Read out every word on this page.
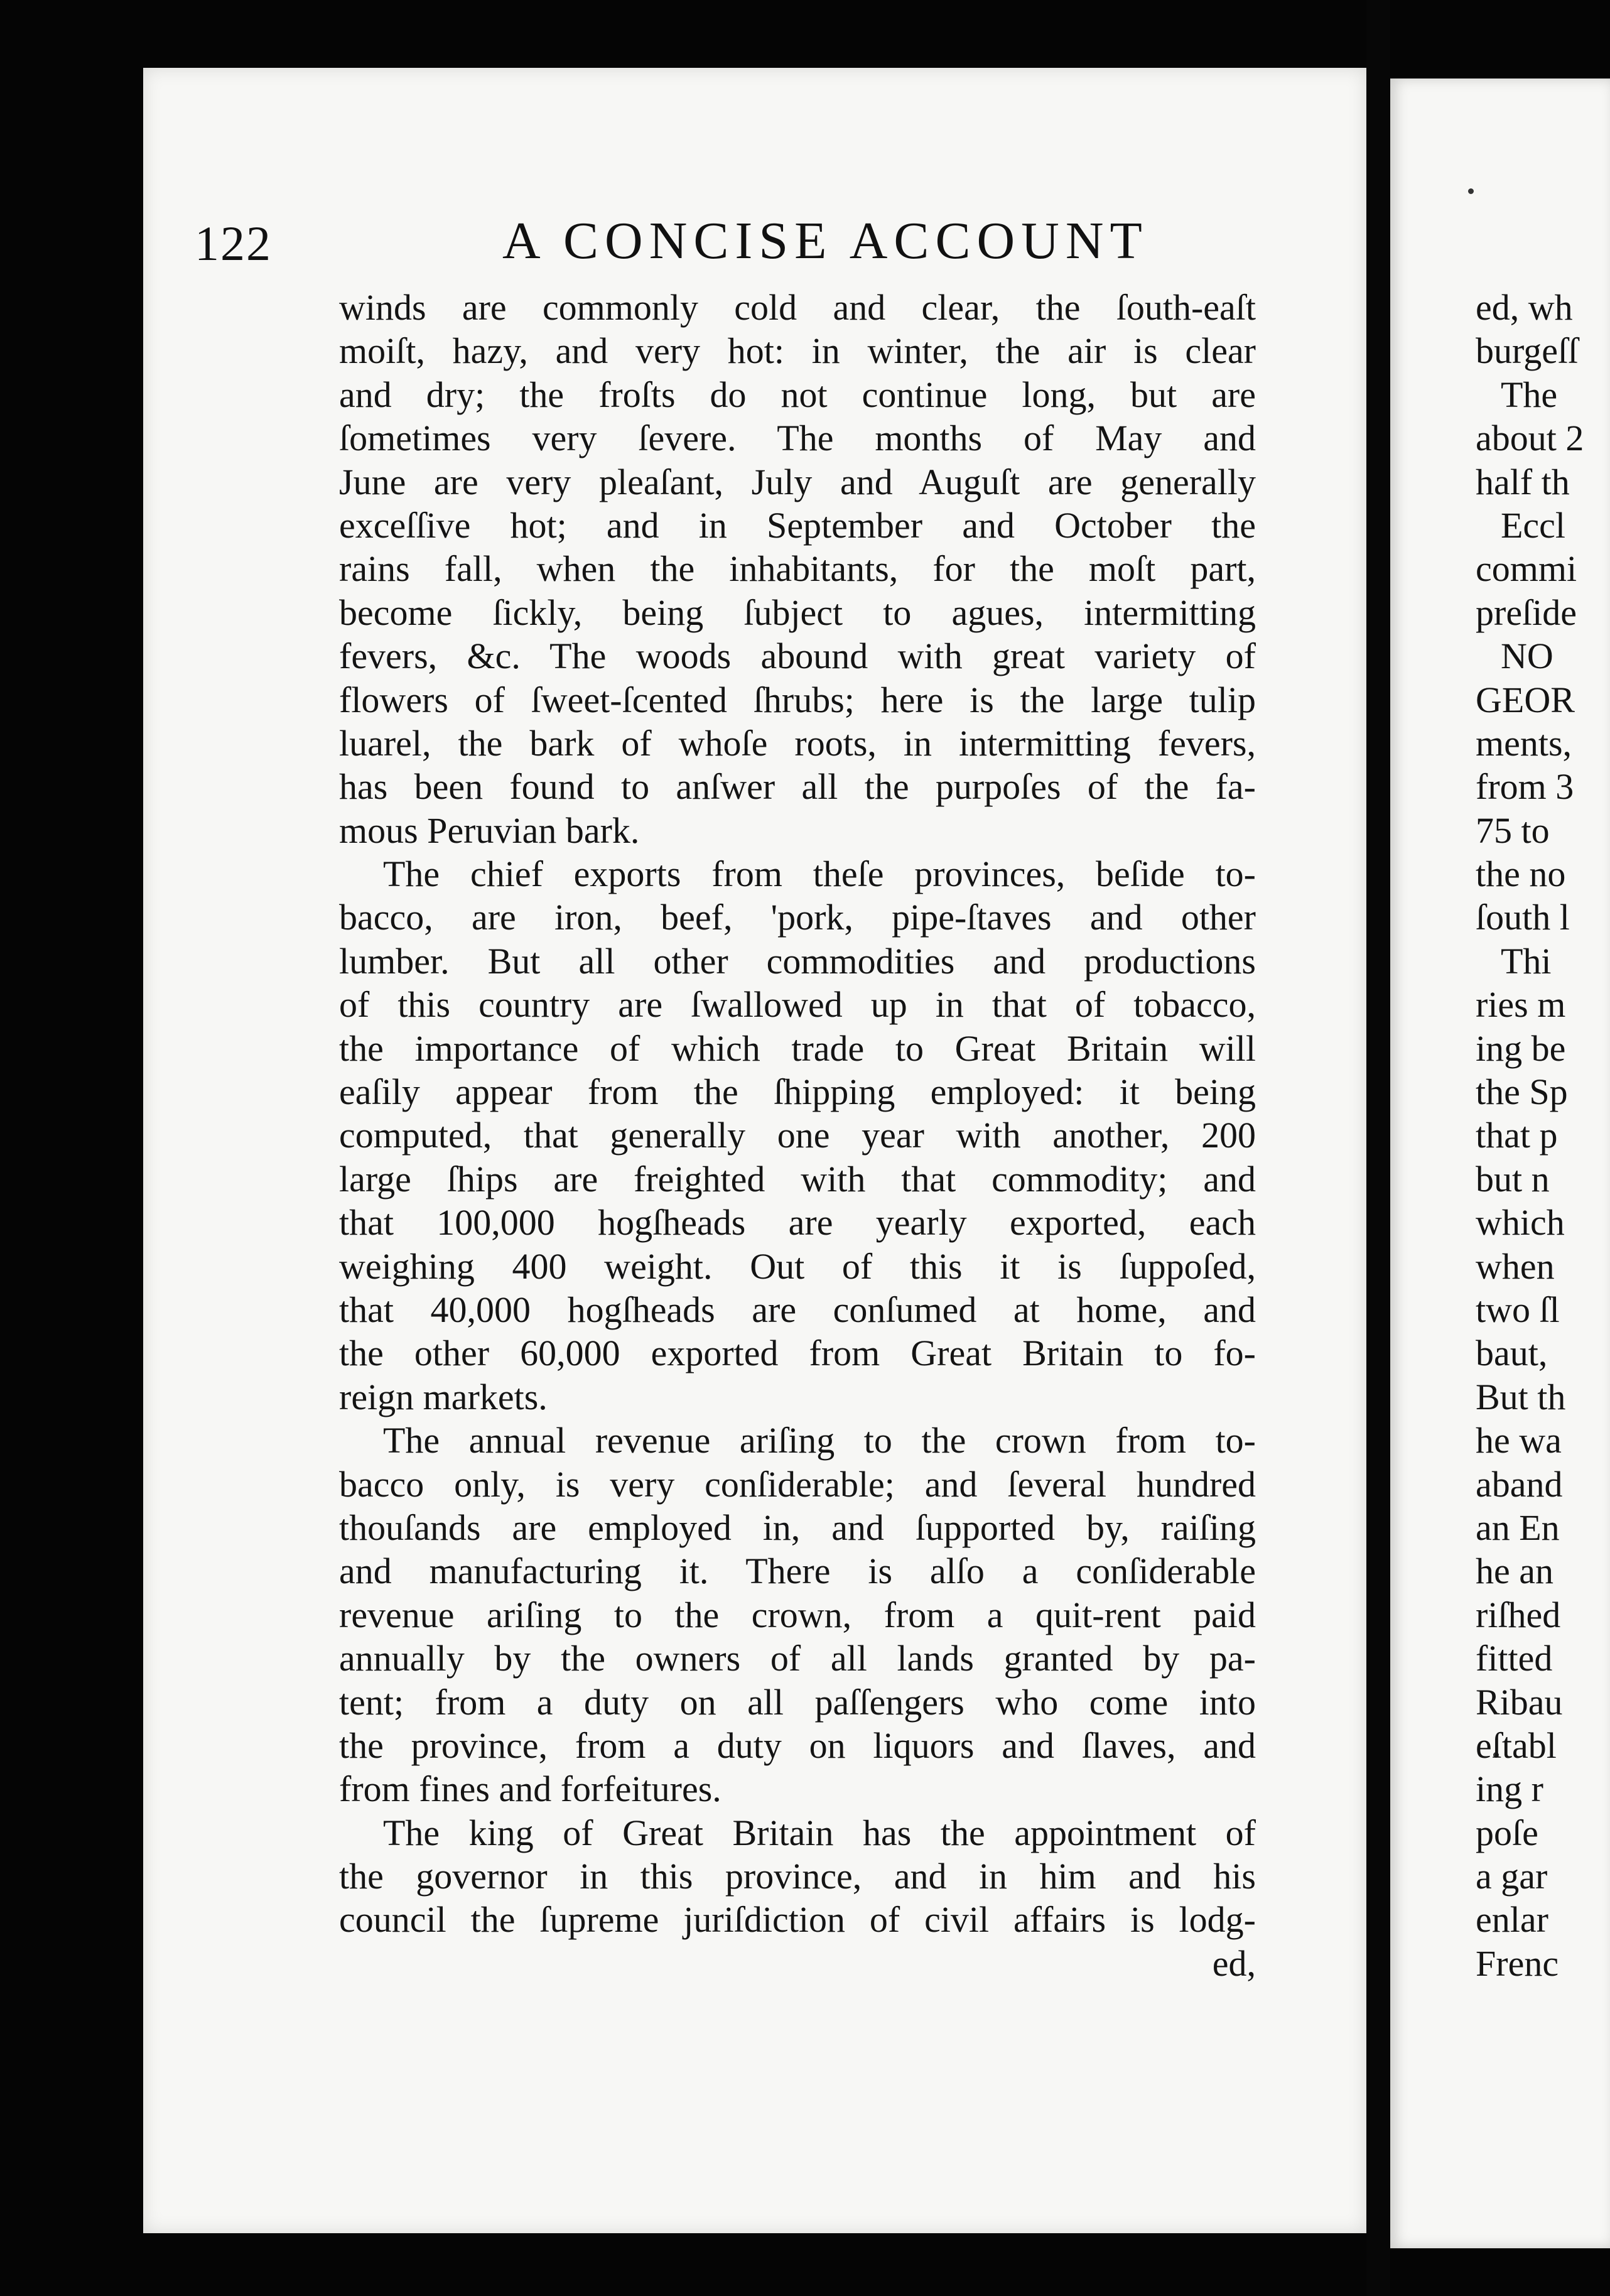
122	A CONCISE ACCOUNT
winds are commonly cold and clear, the ſouth-eaſt
moiſt, hazy, and very hot: in winter, the air is clear
and dry; the froſts do not continue long, but are
ſometimes very ſevere. The months of May and
June are very pleaſant, July and Auguſt are generally
exceſſive hot; and in September and October the
rains fall, when the inhabitants, for the moſt part,
become ſickly, being ſubject to agues, intermitting
fevers, &c. The woods abound with great variety of
flowers of ſweet-ſcented ſhrubs; here is the large tulip
luarel, the bark of whoſe roots, in intermitting fevers,
has been found to anſwer all the purpoſes of the fa-
mous Peruvian bark.
The chief exports from theſe provinces, beſide to-
bacco, are iron, beef, 'pork, pipe-ſtaves and other
lumber. But all other commodities and productions
of this country are ſwallowed up in that of tobacco,
the importance of which trade to Great Britain will
eaſily appear from the ſhipping employed: it being
computed, that generally one year with another, 200
large ſhips are freighted with that commodity; and
that 100,000 hogſheads are yearly exported, each
weighing 400 weight. Out of this it is ſuppoſed,
that 40,000 hogſheads are conſumed at home, and
the other 60,000 exported from Great Britain to fo-
reign markets.
The annual revenue ariſing to the crown from to-
bacco only, is very conſiderable; and ſeveral hundred
thouſands are employed in, and ſupported by, raiſing
and manufacturing it. There is alſo a conſiderable
revenue ariſing to the crown, from a quit-rent paid
annually by the owners of all lands granted by pa-
tent; from a duty on all paſſengers who come into
the province, from a duty on liquors and ſlaves, and
from fines and forfeitures.
The king of Great Britain has the appointment of
the governor in this province, and in him and his
council the ſupreme juriſdiction of civil affairs is lodg-
ed,
ed, wh
burgeſſ
The
about 2
half th
Eccl
commi
preſide
NO
GEOR
ments,
from 3
75 to
the no
ſouth l
Thi
ries m
ing be
the Sp
that p
but n
which
when
two ſl
baut,
But th
he wa
aband
an En
he an
riſhed
fitted
Ribau
eſtabl
ing r
poſe
a gar
enlar
Frenc
